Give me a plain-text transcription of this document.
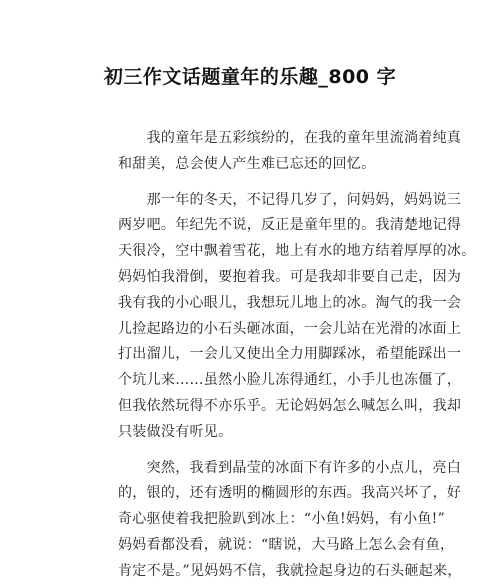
初三作文话题童年的乐趣_800 字
　　我的童年是五彩缤纷的，在我的童年里流淌着纯真
和甜美，总会使人产生难已忘还的回忆。
　　那一年的冬天，不记得几岁了，问妈妈，妈妈说三
两岁吧。年纪先不说，反正是童年里的。我清楚地记得
天很冷，空中飘着雪花，地上有水的地方结着厚厚的冰。
妈妈怕我滑倒，要抱着我。可是我却非要自己走，因为
我有我的小心眼儿，我想玩儿地上的冰。淘气的我一会
儿捡起路边的小石头砸冰面，一会儿站在光滑的冰面上
打出溜儿，一会儿又使出全力用脚踩冰，希望能踩出一
个坑儿来……虽然小脸儿冻得通红，小手儿也冻僵了，
但我依然玩得不亦乐乎。无论妈妈怎么喊怎么叫，我却
只装做没有听见。
　　突然，我看到晶莹的冰面下有许多的小点儿，亮白
的，银的，还有透明的椭圆形的东西。我高兴坏了，好
奇心驱使着我把脸趴到冰上：“小鱼!妈妈，有小鱼!”
妈妈看都没看，就说：“瞎说，大马路上怎么会有鱼，
肯定不是。”见妈妈不信，我就捡起身边的石头砸起来，
